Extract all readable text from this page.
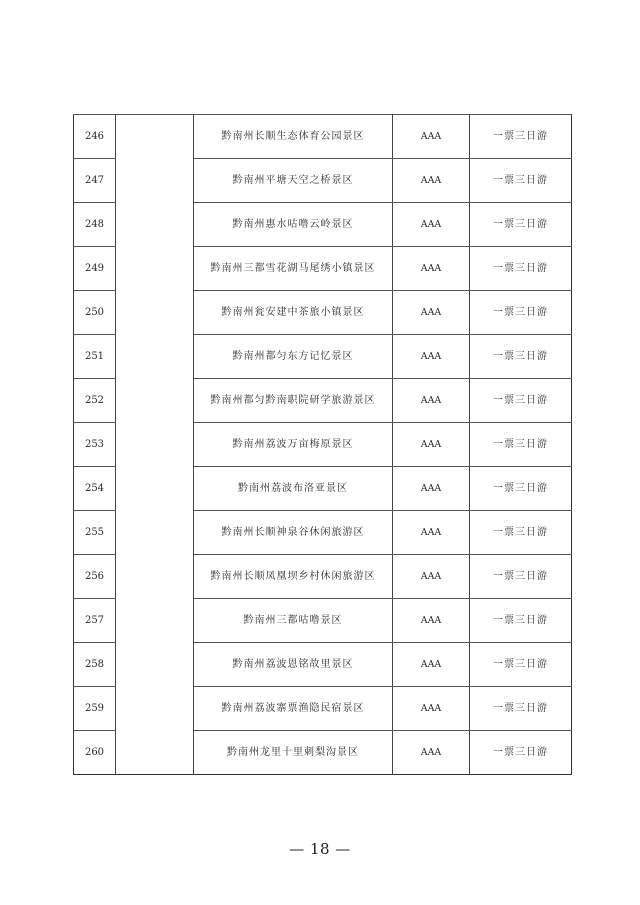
246		黔南州长顺生态体育公园景区	AAA	一票三日游
247		黔南州平塘天空之桥景区	AAA	一票三日游
248		黔南州惠水咕噜云岭景区	AAA	一票三日游
249		黔南州三都雪花湖马尾绣小镇景区	AAA	一票三日游
250		黔南州瓮安建中茶旅小镇景区	AAA	一票三日游
251		黔南州都匀东方记忆景区	AAA	一票三日游
252		黔南州都匀黔南职院研学旅游景区	AAA	一票三日游
253		黔南州荔波万亩梅原景区	AAA	一票三日游
254		黔南州荔波布洛亚景区	AAA	一票三日游
255		黔南州长顺神泉谷休闲旅游区	AAA	一票三日游
256		黔南州长顺凤凰坝乡村休闲旅游区	AAA	一票三日游
257		黔南州三都咕噜景区	AAA	一票三日游
258		黔南州荔波恩铭故里景区	AAA	一票三日游
259		黔南州荔波寨票渔隐民宿景区	AAA	一票三日游
260		黔南州龙里十里刺梨沟景区	AAA	一票三日游
— 18 —
